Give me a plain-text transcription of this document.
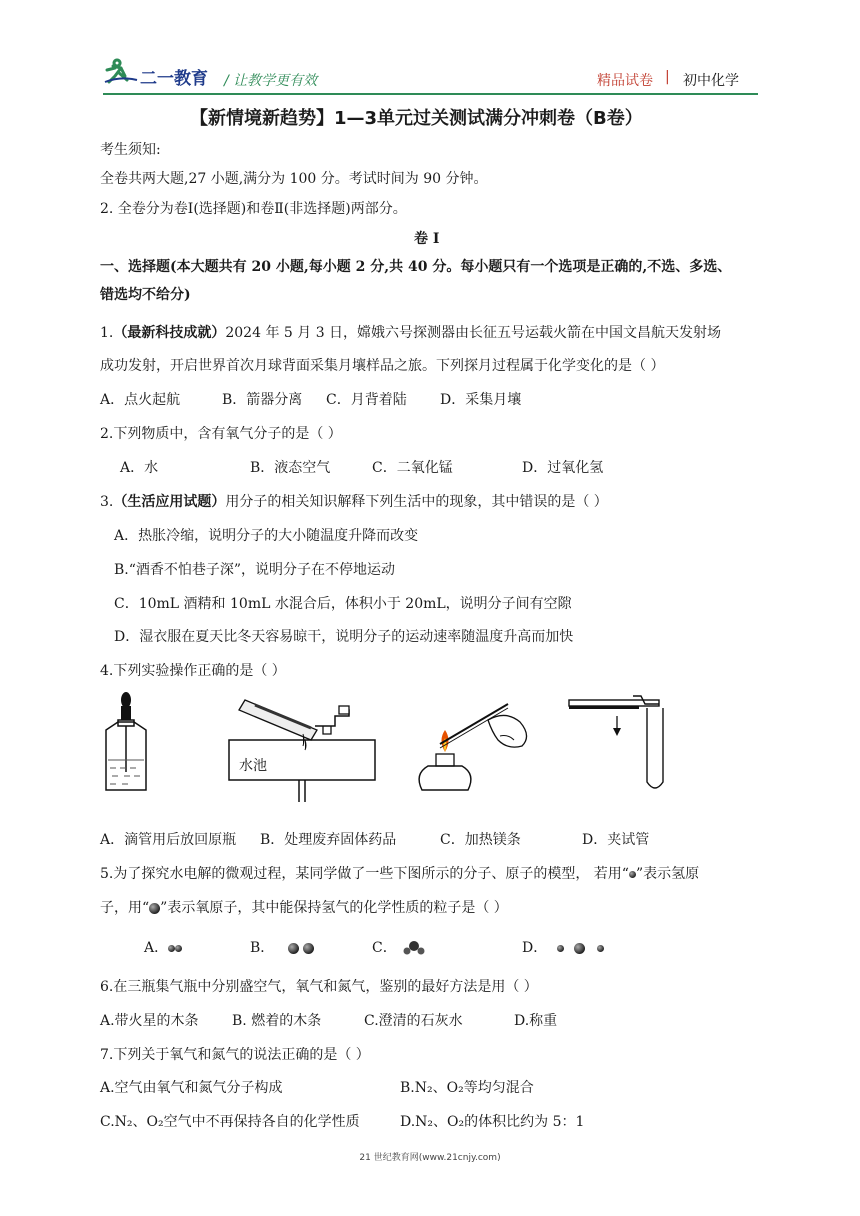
二一教育 / 让教学更有效	精品试卷 | 初中化学
【新情境新趋势】1—3单元过关测试满分冲刺卷（B卷）
考生须知:
全卷共两大题,27 小题,满分为 100 分。考试时间为 90 分钟。
2. 全卷分为卷Ⅰ(选择题)和卷Ⅱ(非选择题)两部分。
卷 Ⅰ
一、选择题(本大题共有 20 小题,每小题 2 分,共 40 分。每小题只有一个选项是正确的,不选、多选、
错选均不给分)
1.（最新科技成就）2024 年 5 月 3 日，嫦娥六号探测器由长征五号运载火箭在中国文昌航天发射场
成功发射，开启世界首次月球背面采集月壤样品之旅。下列探月过程属于化学变化的是（ ）
A．点火起航	B．箭器分离 C．月背着陆 D．采集月壤
2.下列物质中，含有氧气分子的是（ ）
A．水	B．液态空气	C．二氧化锰	D．过氧化氢
3.（生活应用试题）用分子的相关知识解释下列生活中的现象，其中错误的是（ ）
A．热胀冷缩，说明分子的大小随温度升降而改变
B.“酒香不怕巷子深”，说明分子在不停地运动
C．10mL 酒精和 10mL 水混合后，体积小于 20mL，说明分子间有空隙
D．湿衣服在夏天比冬天容易晾干，说明分子的运动速率随温度升高而加快
4.下列实验操作正确的是（ ）
水池
A．滴管用后放回原瓶 B．处理废弃固体药品	C．加热镁条	D．夹试管
5.为了探究水电解的微观过程，某同学做了一些下图所示的分子、原子的模型， 若用“ ”表示氢原
子，用“ ”表示氧原子，其中能保持氢气的化学性质的粒子是（ ）
A．	B．	C．	D．
6.在三瓶集气瓶中分别盛空气，氧气和氮气，鉴别的最好方法是用（ ）
A.带火星的木条 B. 燃着的木条	C.澄清的石灰水	D.称重
7.下列关于氧气和氮气的说法正确的是（ ）
A.空气由氧气和氮气分子构成	B.N₂、O₂等均匀混合
C.N₂、O₂空气中不再保持各自的化学性质	D.N₂、O₂的体积比约为 5：1
21 世纪教育网(www.21cnjy.com)
